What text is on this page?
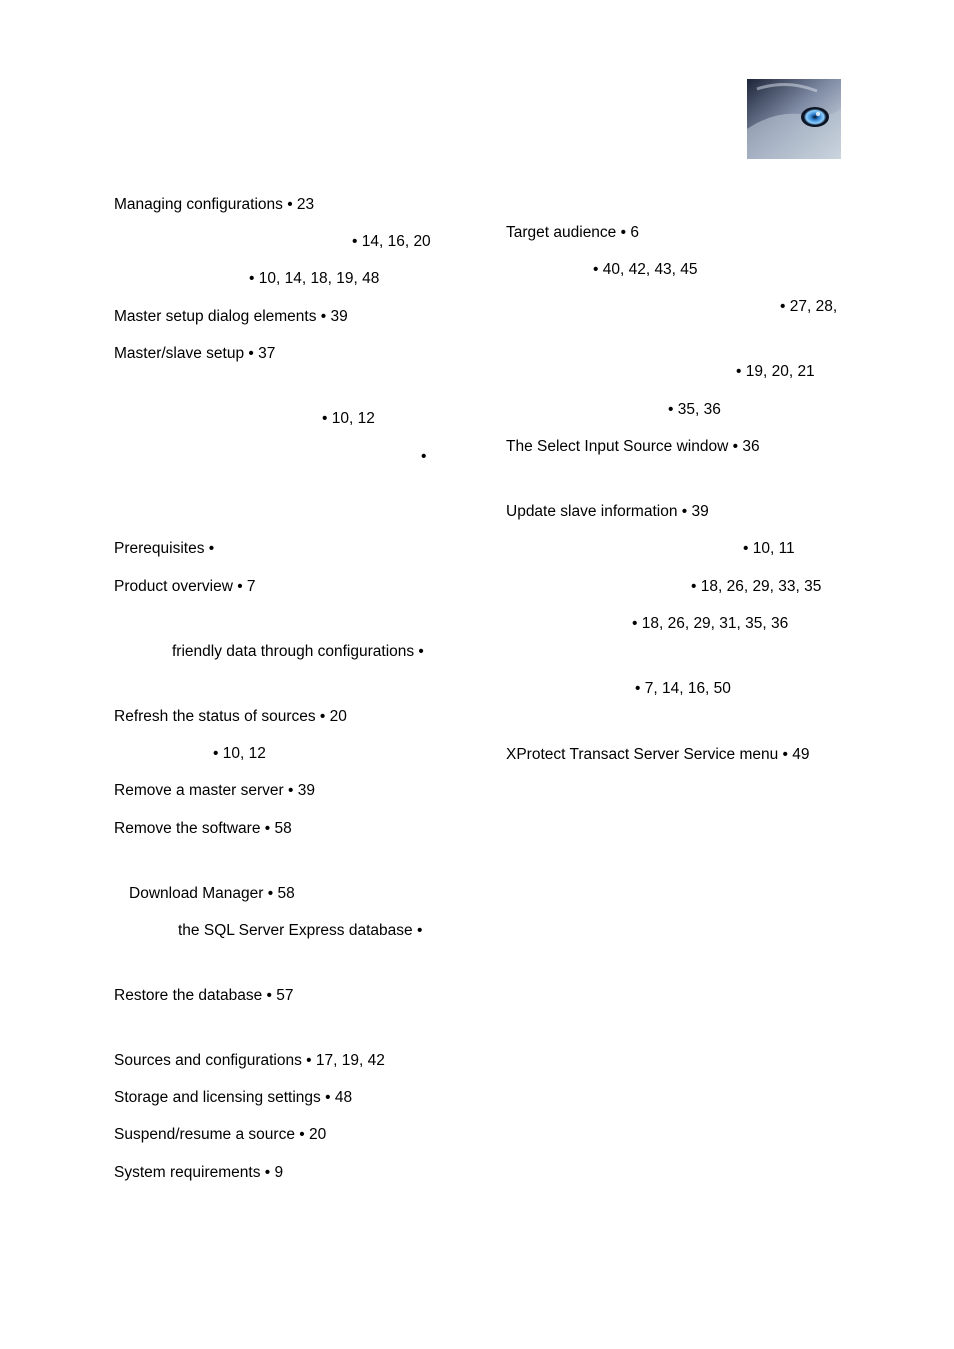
Managing configurations • 23
• 14, 16, 20
• 10, 14, 18, 19, 48
Master setup dialog elements • 39
Master/slave setup • 37
• 10, 12
•
Prerequisites •
Product overview • 7
friendly data through configurations •
Refresh the status of sources • 20
• 10, 12
Remove a master server • 39
Remove the software • 58
Download Manager • 58
the SQL Server Express database •
Restore the database • 57
Sources and configurations • 17, 19, 42
Storage and licensing settings • 48
Suspend/resume a source • 20
System requirements • 9
Target audience • 6
• 40, 42, 43, 45
• 27, 28,
• 19, 20, 21
• 35, 36
The Select Input Source window • 36
Update slave information • 39
• 10, 11
• 18, 26, 29, 33, 35
• 18, 26, 29, 31, 35, 36
• 7, 14, 16, 50
XProtect Transact Server Service menu • 49
